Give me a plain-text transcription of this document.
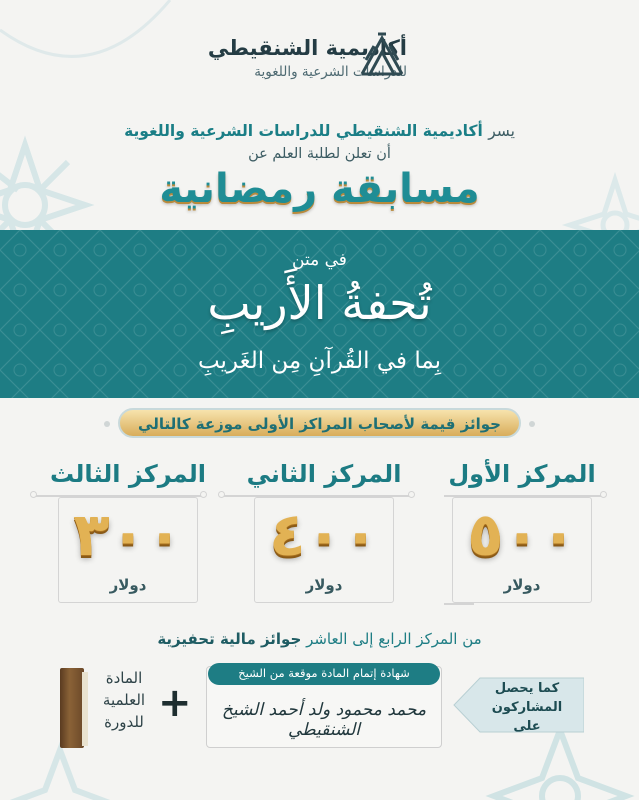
أكاديمية الشنقيطي
للدراسات الشرعية واللغوية
يسر أكاديمية الشنقيطي للدراسات الشرعية واللغوية
أن تعلن لطلبة العلم عن
مسابقة رمضانية
في متن
تُحفةُ الأَريبِ
بِما في القُرآنِ مِن الغَريبِ
جوائز قيمة لأصحاب المراكز الأولى موزعة كالتالي
المركز الأول
٥٠٠
دولار
المركز الثاني
٤٠٠
دولار
المركز الثالث
٣٠٠
دولار
من المركز الرابع إلى العاشر جوائز مالية تحفيزية
كما يحصل المشاركون على
شهادة إتمام المادة موقعة من الشيخ
محمد محمود ولد أحمد الشيخ الشنقيطي
+
المادة العلمية للدورة
